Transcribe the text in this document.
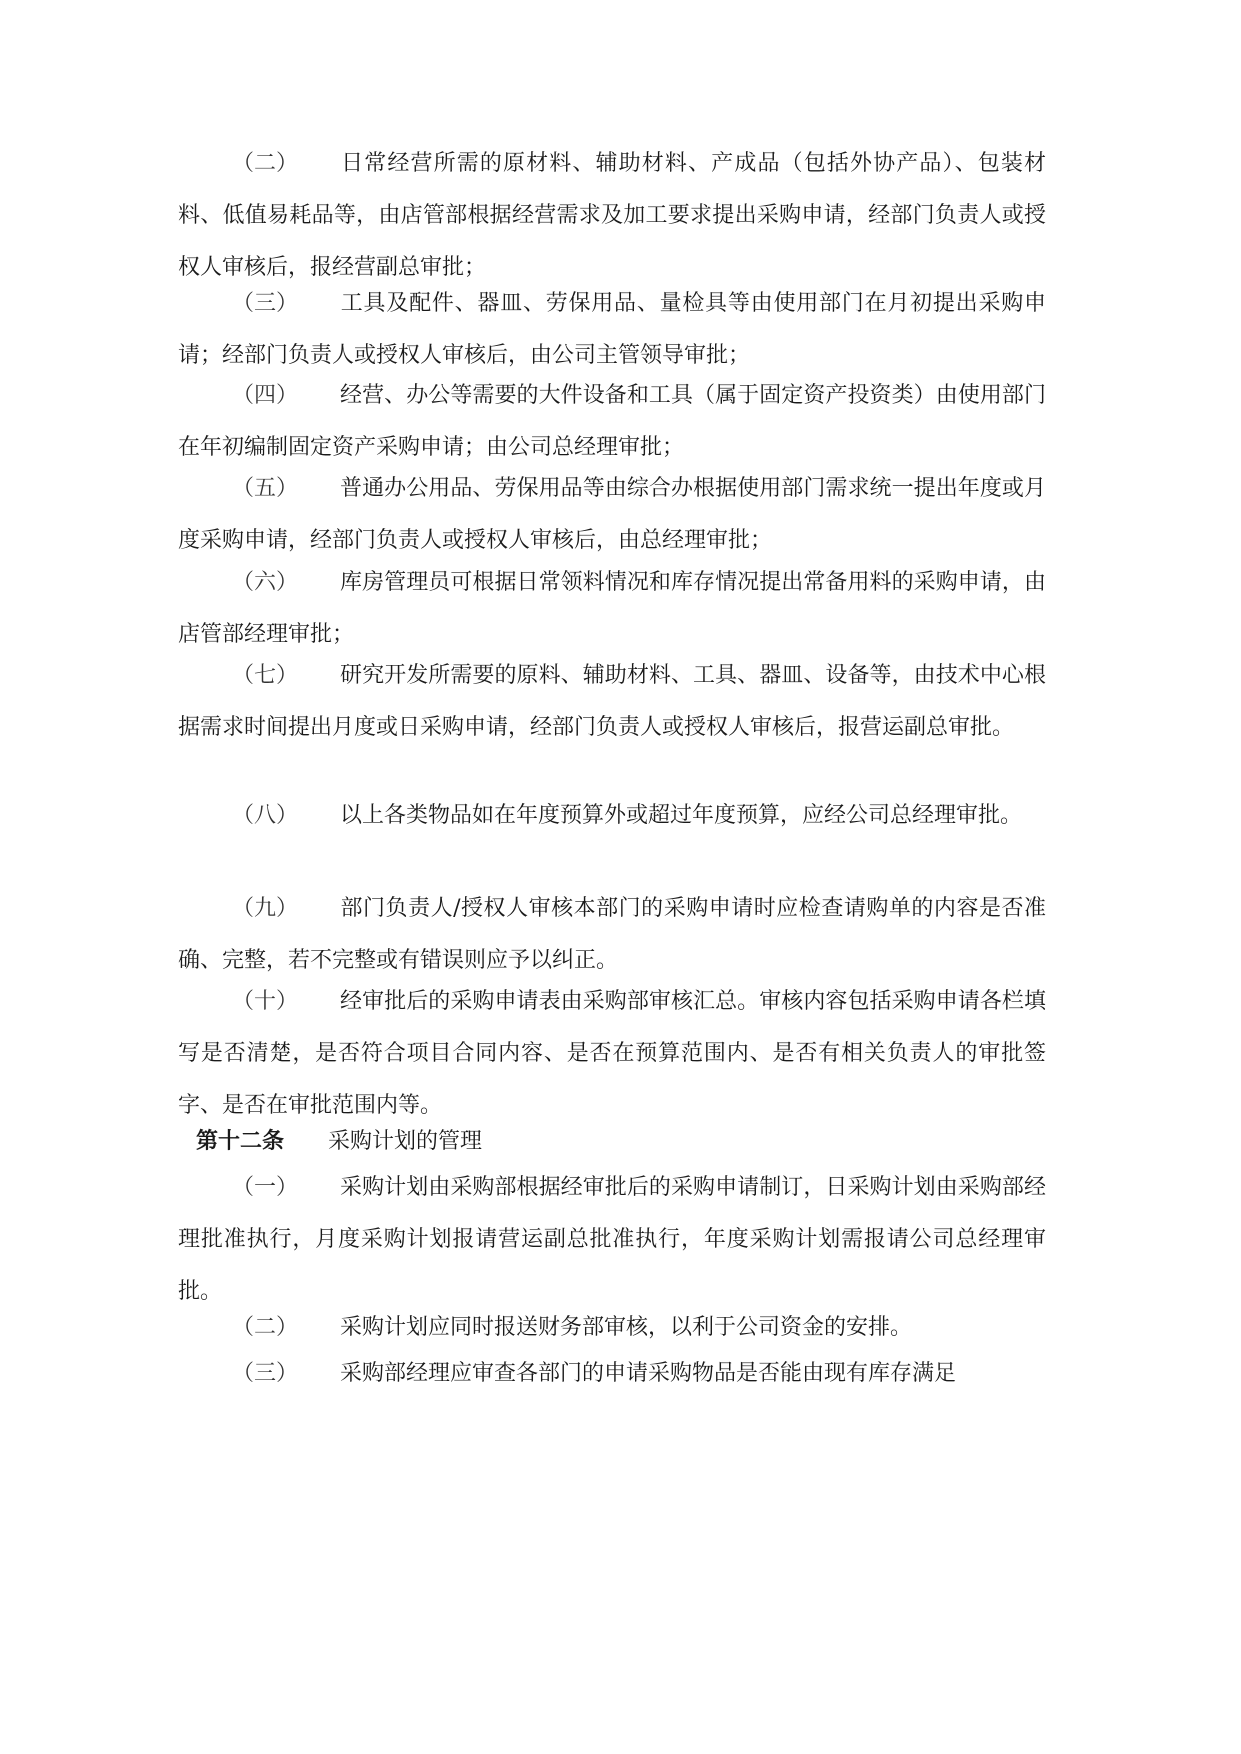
（二） 日常经营所需的原材料、辅助材料、产成品（包括外协产品）、包装材料、低值易耗品等，由店管部根据经营需求及加工要求提出采购申请，经部门负责人或授权人审核后，报经营副总审批；

（三） 工具及配件、器皿、劳保用品、量检具等由使用部门在月初提出采购申请；经部门负责人或授权人审核后，由公司主管领导审批；

（四） 经营、办公等需要的大件设备和工具（属于固定资产投资类）由使用部门在年初编制固定资产采购申请；由公司总经理审批；

（五） 普通办公用品、劳保用品等由综合办根据使用部门需求统一提出年度或月度采购申请，经部门负责人或授权人审核后，由总经理审批；

（六） 库房管理员可根据日常领料情况和库存情况提出常备用料的采购申请，由店管部经理审批；

（七） 研究开发所需要的原料、辅助材料、工具、器皿、设备等，由技术中心根据需求时间提出月度或日采购申请，经部门负责人或授权人审核后，报营运副总审批。

（八） 以上各类物品如在年度预算外或超过年度预算，应经公司总经理审批。

（九） 部门负责人/授权人审核本部门的采购申请时应检查请购单的内容是否准确、完整，若不完整或有错误则应予以纠正。

（十） 经审批后的采购申请表由采购部审核汇总。审核内容包括采购申请各栏填写是否清楚，是否符合项目合同内容、是否在预算范围内、是否有相关负责人的审批签字、是否在审批范围内等。

第十二条 采购计划的管理

（一） 采购计划由采购部根据经审批后的采购申请制订，日采购计划由采购部经理批准执行，月度采购计划报请营运副总批准执行，年度采购计划需报请公司总经理审批。

（二） 采购计划应同时报送财务部审核，以利于公司资金的安排。

（三） 采购部经理应审查各部门的申请采购物品是否能由现有库存满足
